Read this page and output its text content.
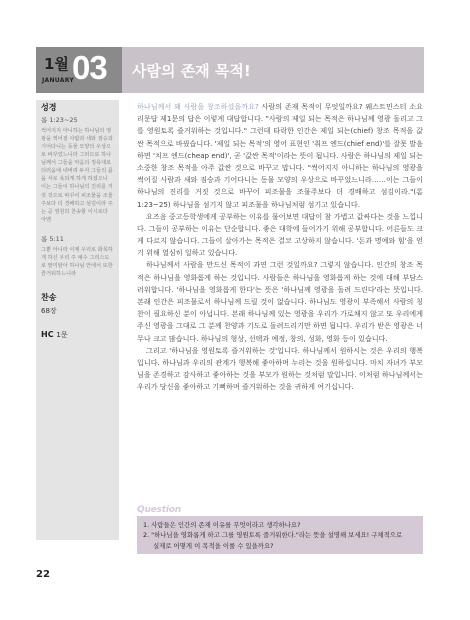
1월
JANUARY
03 사람의 존재 목적!
성경
롬 1:23~25
썩어지지 아니하는 하나님의 영광을 썩어질 사람과 새와 짐승과 기어다니는 동물 모양의 우상으로 바꾸었느니라 그러므로 하나님께서 그들을 마음의 정욕대로 더러움에 내버려 두사 그들의 몸을 서로 욕되게 하게 하셨으니 이는 그들이 하나님의 진리를 거짓 것으로 바꾸어 피조물을 조물주보다 더 경배하고 섬김이라 주는 곧 영원히 찬송할 이시로다 아멘
롬 5:11
그뿐 아니라 이제 우리로 화목하게 하신 우리 주 예수 그리스도로 말미암아 하나님 안에서 또한 즐거워하느니라
찬송
68장
HC 1문

하나님께서 왜 사람을 창조하셨을까요? 사람의 존재 목적이 무엇일까요? 웨스트민스터 소요리문답 제1문의 답은 이렇게 대답합니다. "사람의 제일 되는 목적은 하나님께 영광 돌리고 그를 영원토록 즐거워하는 것입니다." 그런데 타락한 인간은 제일 되는(chief) 창조 목적을 값싼 목적으로 바꿨습니다. '제일 되는 목적'의 영어 표현인 '취프 엔드(chief end)'를 잘못 발음하면 '치프 엔드(cheap end)', 곧 '값싼 목적'이라는 뜻이 됩니다. 사람은 하나님의 제일 되는 소중한 창조 목적을 아주 값싼 것으로 바꾸고 맙니다. "썩어지지 아니하는 하나님의 영광을 썩어질 사람과 새와 짐승과 기어다니는 동물 모양의 우상으로 바꾸었느니라……이는 그들이 하나님의 진리를 거짓 것으로 바꾸어 피조물을 조물주보다 더 경배하고 섬김이라."(롬 1:23~25) 하나님을 섬기지 않고 피조물을 하나님처럼 섬기고 있습니다.

요즈음 중고등학생에게 공부하는 이유를 물어보면 대답이 참 가볍고 값싸다는 것을 느낍니다. 그들이 공부하는 이유는 단순합니다. 좋은 대학에 들어가기 위해 공부합니다. 어른들도 크게 다르지 않습니다. 그들이 살아가는 목적은 결코 고상하지 않습니다. '돈과 명예와 힘'을 얻기 위해 열심히 일하고 있습니다.

하나님께서 사람을 만드신 목적이 과연 그런 것일까요? 그렇지 않습니다. 인간의 창조 목적은 하나님을 영화롭게 하는 것입니다. 사람들은 하나님을 영화롭게 하는 것에 대해 부담스러워합니다. '하나님을 영화롭게 한다'는 뜻은 '하나님께 영광을 돌려 드린다'라는 뜻입니다. 본래 인간은 피조물로서 하나님께 드릴 것이 없습니다. 하나님도 영광이 부족해서 사람의 칭찬이 필요하신 분이 아닙니다. 본래 하나님께 있는 영광을 우리가 가로채지 않고 또 우리에게 주신 영광을 그대로 그 분께 찬양과 기도로 돌려드리기만 하면 됩니다. 우리가 받은 영광은 너무나 크고 많습니다. 하나님의 형상, 선택과 예정, 창의, 성화, 영화 등이 있습니다.

그리고 '하나님을 영원토록 즐거워하는 것'입니다. 하나님께서 원하시는 것은 우리의 행복입니다. 하나님과 우리의 관계가 행복해 좋아하며 누리는 것을 원하십니다. 마치 자녀가 부모님을 존경하고 감사하고 좋아하는 것을 부모가 원하는 것처럼 말입니다. 이처럼 하나님께서는 우리가 당신을 좋아하고 기뻐하며 즐거워하는 것을 귀하게 여기십니다.

Question
1. 사람들은 인간의 존재 이유를 무엇이라고 생각하나요?
2. "하나님을 영화롭게 하고 그를 영원토록 즐거워한다."라는 뜻을 설명해 보세요! 구체적으로
실제로 어떻게 이 목적을 이룰 수 있을까요?
22
